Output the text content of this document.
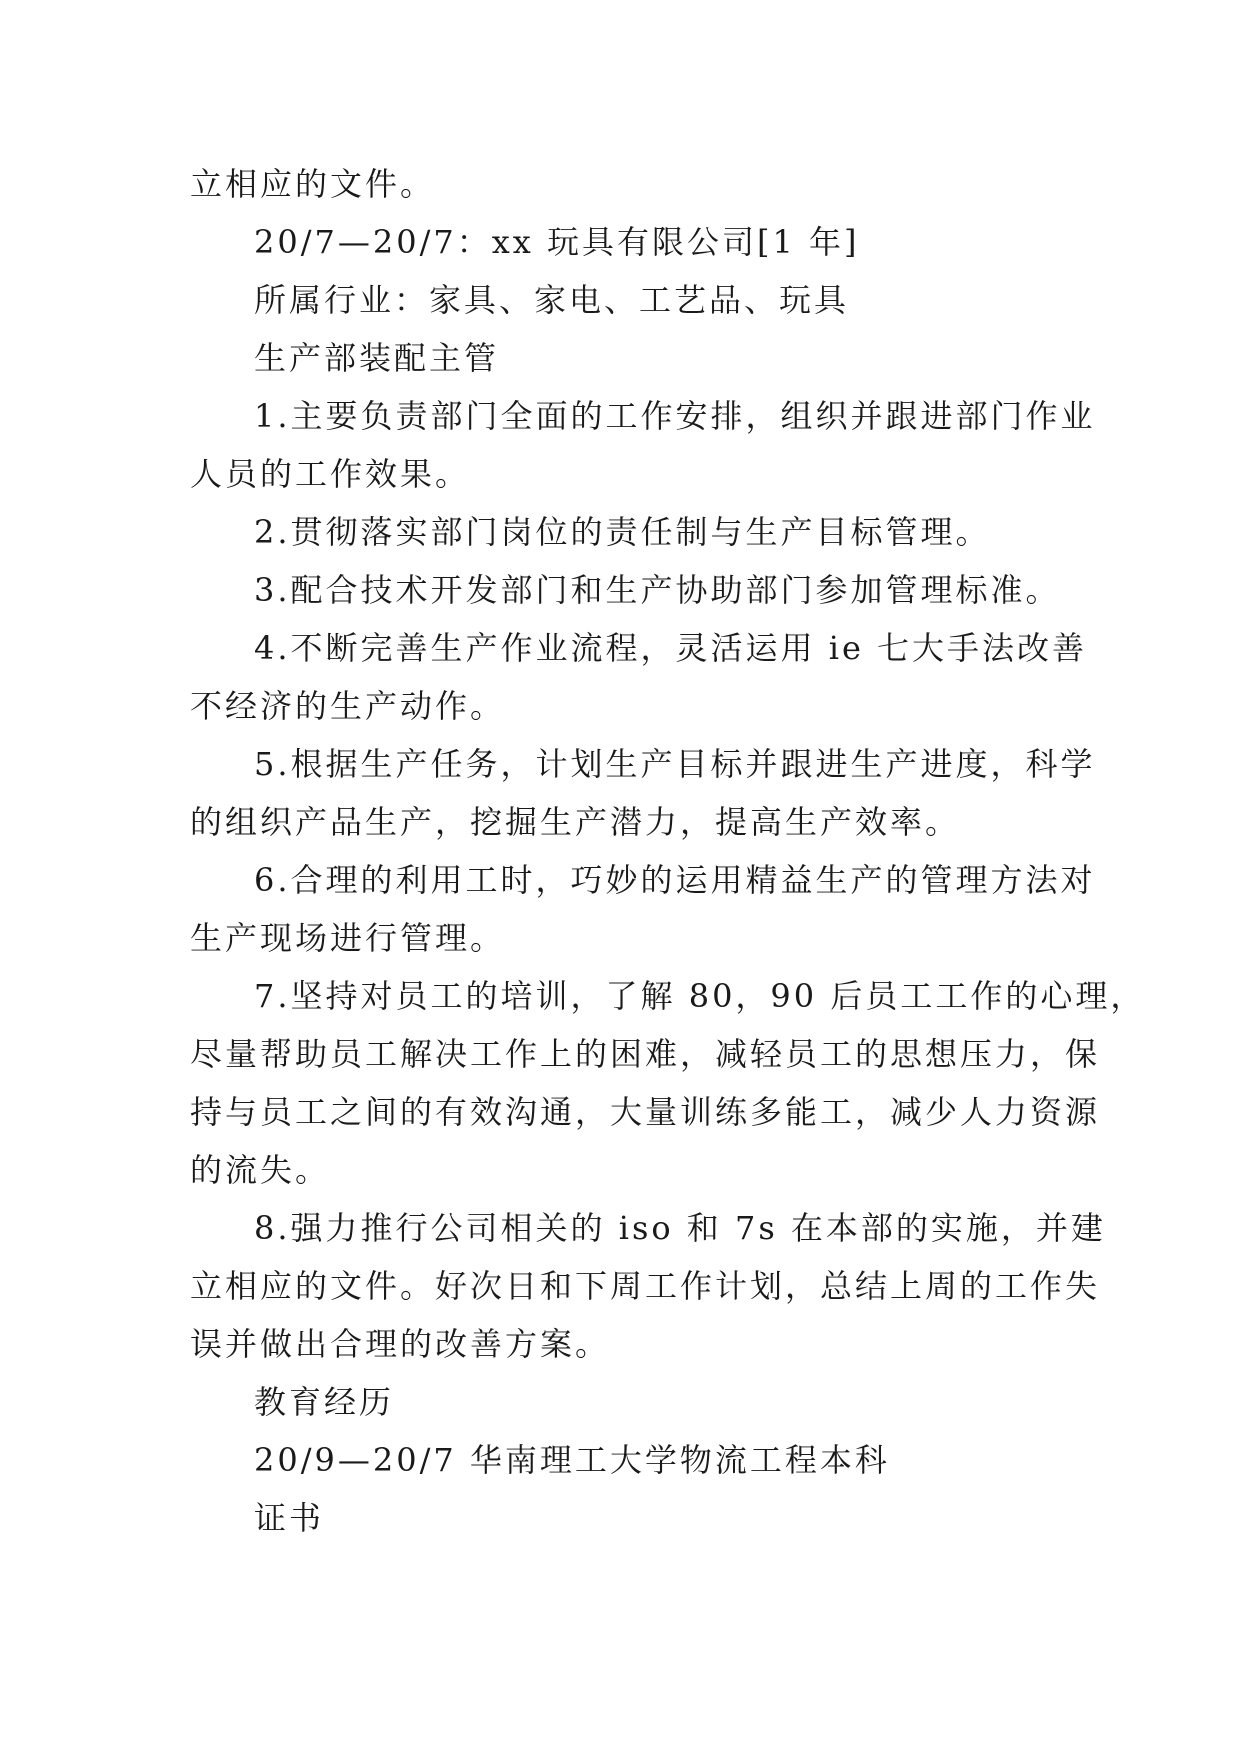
立相应的文件。
20/7—20/7：xx 玩具有限公司[1 年]
所属行业：家具、家电、工艺品、玩具
生产部装配主管
1.主要负责部门全面的工作安排，组织并跟进部门作业
人员的工作效果。
2.贯彻落实部门岗位的责任制与生产目标管理。
3.配合技术开发部门和生产协助部门参加管理标准。
4.不断完善生产作业流程，灵活运用 ie 七大手法改善
不经济的生产动作。
5.根据生产任务，计划生产目标并跟进生产进度，科学
的组织产品生产，挖掘生产潜力，提高生产效率。
6.合理的利用工时，巧妙的运用精益生产的管理方法对
生产现场进行管理。
7.坚持对员工的培训，了解 80，90 后员工工作的心理，
尽量帮助员工解决工作上的困难，减轻员工的思想压力，保
持与员工之间的有效沟通，大量训练多能工，减少人力资源
的流失。
8.强力推行公司相关的 iso 和 7s 在本部的实施，并建
立相应的文件。好次日和下周工作计划，总结上周的工作失
误并做出合理的改善方案。
教育经历
20/9—20/7 华南理工大学物流工程本科
证书
